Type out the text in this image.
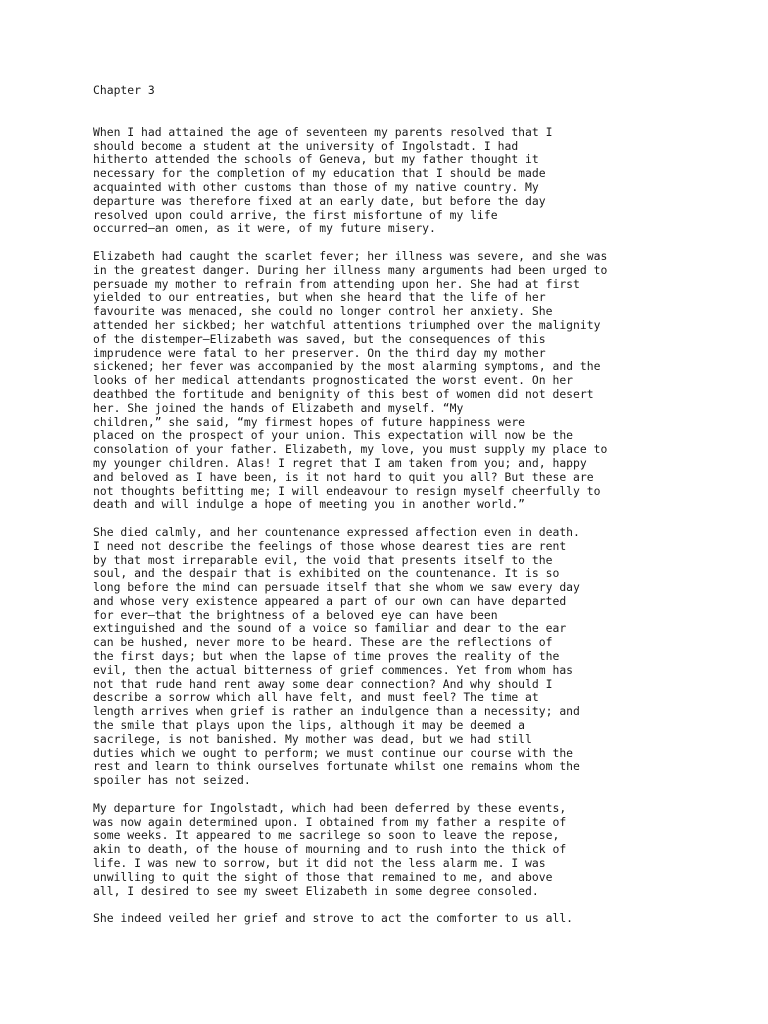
Chapter 3
When I had attained the age of seventeen my parents resolved that I
should become a student at the university of Ingolstadt. I had
hitherto attended the schools of Geneva, but my father thought it
necessary for the completion of my education that I should be made
acquainted with other customs than those of my native country. My
departure was therefore fixed at an early date, but before the day
resolved upon could arrive, the first misfortune of my life
occurred—an omen, as it were, of my future misery.
Elizabeth had caught the scarlet fever; her illness was severe, and she was
in the greatest danger. During her illness many arguments had been urged to
persuade my mother to refrain from attending upon her. She had at first
yielded to our entreaties, but when she heard that the life of her
favourite was menaced, she could no longer control her anxiety. She
attended her sickbed; her watchful attentions triumphed over the malignity
of the distemper—Elizabeth was saved, but the consequences of this
imprudence were fatal to her preserver. On the third day my mother
sickened; her fever was accompanied by the most alarming symptoms, and the
looks of her medical attendants prognosticated the worst event. On her
deathbed the fortitude and benignity of this best of women did not desert
her. She joined the hands of Elizabeth and myself. “My
children,” she said, “my firmest hopes of future happiness were
placed on the prospect of your union. This expectation will now be the
consolation of your father. Elizabeth, my love, you must supply my place to
my younger children. Alas! I regret that I am taken from you; and, happy
and beloved as I have been, is it not hard to quit you all? But these are
not thoughts befitting me; I will endeavour to resign myself cheerfully to
death and will indulge a hope of meeting you in another world.”
She died calmly, and her countenance expressed affection even in death.
I need not describe the feelings of those whose dearest ties are rent
by that most irreparable evil, the void that presents itself to the
soul, and the despair that is exhibited on the countenance. It is so
long before the mind can persuade itself that she whom we saw every day
and whose very existence appeared a part of our own can have departed
for ever—that the brightness of a beloved eye can have been
extinguished and the sound of a voice so familiar and dear to the ear
can be hushed, never more to be heard. These are the reflections of
the first days; but when the lapse of time proves the reality of the
evil, then the actual bitterness of grief commences. Yet from whom has
not that rude hand rent away some dear connection? And why should I
describe a sorrow which all have felt, and must feel? The time at
length arrives when grief is rather an indulgence than a necessity; and
the smile that plays upon the lips, although it may be deemed a
sacrilege, is not banished. My mother was dead, but we had still
duties which we ought to perform; we must continue our course with the
rest and learn to think ourselves fortunate whilst one remains whom the
spoiler has not seized.
My departure for Ingolstadt, which had been deferred by these events,
was now again determined upon. I obtained from my father a respite of
some weeks. It appeared to me sacrilege so soon to leave the repose,
akin to death, of the house of mourning and to rush into the thick of
life. I was new to sorrow, but it did not the less alarm me. I was
unwilling to quit the sight of those that remained to me, and above
all, I desired to see my sweet Elizabeth in some degree consoled.
She indeed veiled her grief and strove to act the comforter to us all.
